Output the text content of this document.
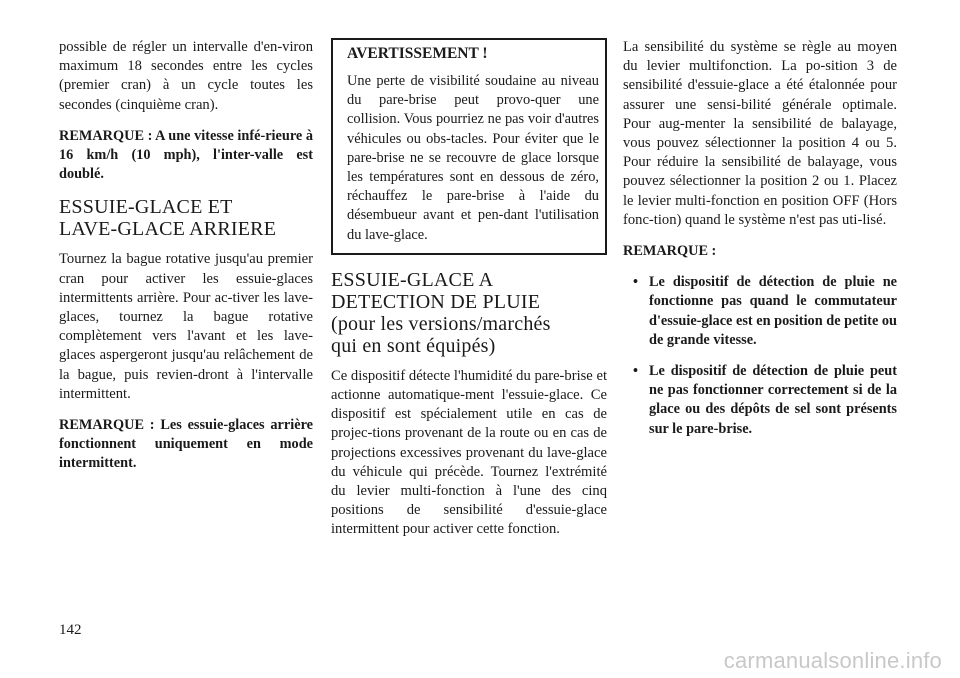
possible de régler un intervalle d'en-viron maximum 18 secondes entre les cycles (premier cran) à un cycle toutes les secondes (cinquième cran).

REMARQUE : A une vitesse infé-rieure à 16 km/h (10 mph), l'inter-valle est doublé.

ESSUIE-GLACE ET
LAVE-GLACE ARRIERE

Tournez la bague rotative jusqu'au premier cran pour activer les essuie-glaces intermittents arrière. Pour ac-tiver les lave-glaces, tournez la bague rotative complètement vers l'avant et les lave-glaces aspergeront jusqu'au relâchement de la bague, puis revien-dront à l'intervalle intermittent.

REMARQUE : Les essuie-glaces arrière fonctionnent uniquement en mode intermittent.

AVERTISSEMENT !

Une perte de visibilité soudaine au niveau du pare-brise peut provo-quer une collision. Vous pourriez ne pas voir d'autres véhicules ou obs-tacles. Pour éviter que le pare-brise ne se recouvre de glace lorsque les températures sont en dessous de zéro, réchauffez le pare-brise à l'aide du désembueur avant et pen-dant l'utilisation du lave-glace.

ESSUIE-GLACE A
DETECTION DE PLUIE
(pour les versions/marchés
qui en sont équipés)

Ce dispositif détecte l'humidité du pare-brise et actionne automatique-ment l'essuie-glace. Ce dispositif est spécialement utile en cas de projec-tions provenant de la route ou en cas de projections excessives provenant du lave-glace du véhicule qui précède. Tournez l'extrémité du levier multi-fonction à l'une des cinq positions de sensibilité d'essuie-glace intermittent pour activer cette fonction.

La sensibilité du système se règle au moyen du levier multifonction. La po-sition 3 de sensibilité d'essuie-glace a été étalonnée pour assurer une sensi-bilité générale optimale. Pour aug-menter la sensibilité de balayage, vous pouvez sélectionner la position 4 ou 5. Pour réduire la sensibilité de balayage, vous pouvez sélectionner la position 2 ou 1. Placez le levier multi-fonction en position OFF (Hors fonc-tion) quand le système n'est pas uti-lisé.

REMARQUE :

• Le dispositif de détection de pluie ne fonctionne pas quand le commutateur d'essuie-glace est en position de petite ou de grande vitesse.
• Le dispositif de détection de pluie peut ne pas fonctionner correctement si de la glace ou des dépôts de sel sont présents sur le pare-brise.
142
carmanualsonline.info
